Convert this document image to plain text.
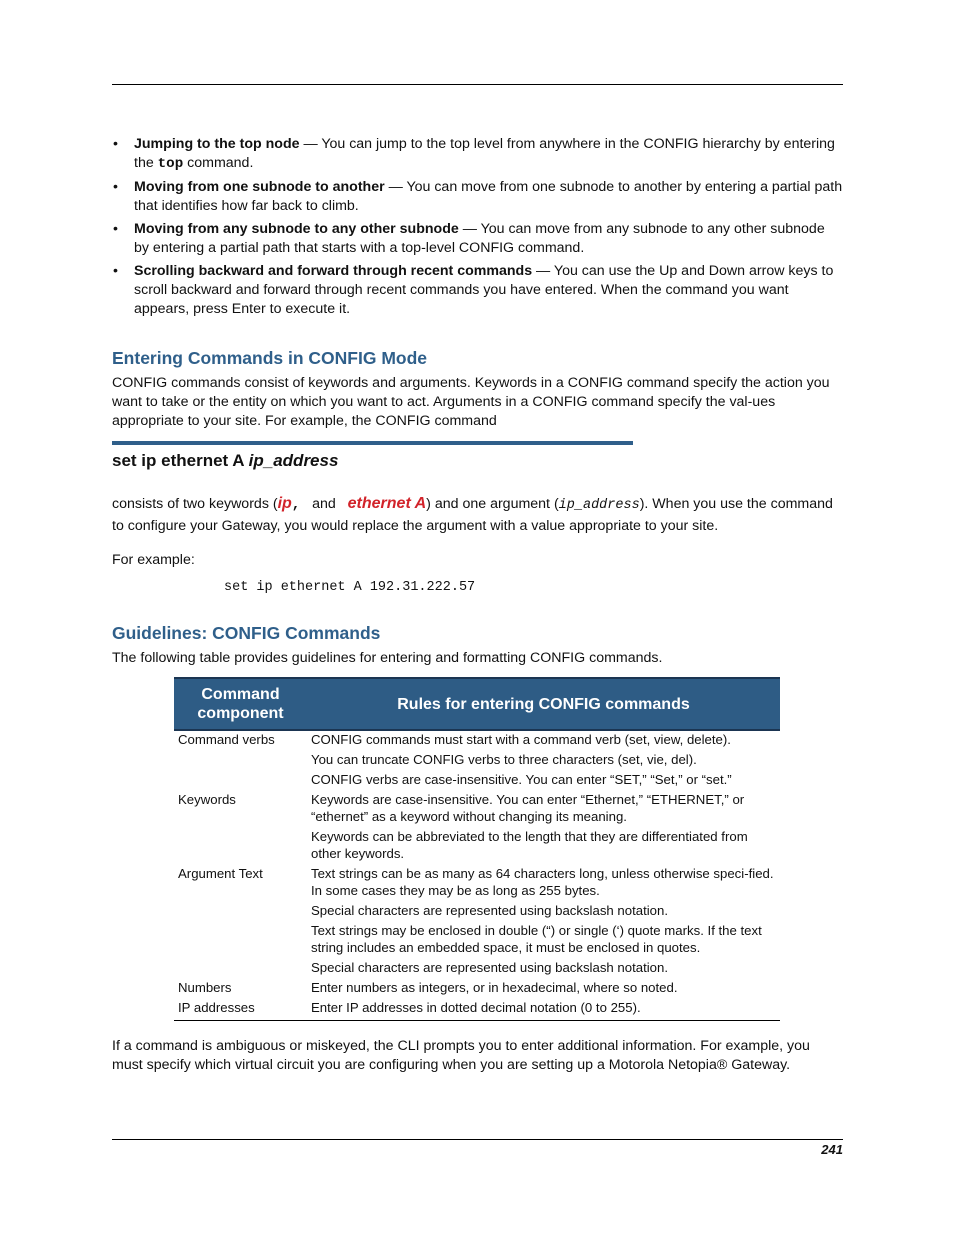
• Jumping to the top node — You can jump to the top level from anywhere in the CONFIG hierarchy by entering the top command.
• Moving from one subnode to another — You can move from one subnode to another by entering a partial path that identifies how far back to climb.
• Moving from any subnode to any other subnode — You can move from any subnode to any other subnode by entering a partial path that starts with a top-level CONFIG command.
• Scrolling backward and forward through recent commands — You can use the Up and Down arrow keys to scroll backward and forward through recent commands you have entered. When the command you want appears, press Enter to execute it.
Entering Commands in CONFIG Mode
CONFIG commands consist of keywords and arguments. Keywords in a CONFIG command specify the action you want to take or the entity on which you want to act. Arguments in a CONFIG command specify the val-ues appropriate to your site. For example, the CONFIG command
set ip ethernet A ip_address
consists of two keywords (ip, and ethernet A) and one argument (ip_address). When you use the command to configure your Gateway, you would replace the argument with a value appropriate to your site.
For example:
set ip ethernet A 192.31.222.57
Guidelines: CONFIG Commands
The following table provides guidelines for entering and formatting CONFIG commands.
Command component	Rules for entering CONFIG commands
Command verbs	CONFIG commands must start with a command verb (set, view, delete).
	You can truncate CONFIG verbs to three characters (set, vie, del).
	CONFIG verbs are case-insensitive. You can enter “SET,” “Set,” or “set.”
Keywords	Keywords are case-insensitive. You can enter “Ethernet,” “ETHERNET,” or “ethernet” as a keyword without changing its meaning.
	Keywords can be abbreviated to the length that they are differentiated from other keywords.
Argument Text	Text strings can be as many as 64 characters long, unless otherwise speci-fied. In some cases they may be as long as 255 bytes.
	Special characters are represented using backslash notation.
	Text strings may be enclosed in double (“) or single (‘) quote marks. If the text string includes an embedded space, it must be enclosed in quotes.
	Special characters are represented using backslash notation.
Numbers	Enter numbers as integers, or in hexadecimal, where so noted.
IP addresses	Enter IP addresses in dotted decimal notation (0 to 255).
If a command is ambiguous or miskeyed, the CLI prompts you to enter additional information. For example, you must specify which virtual circuit you are configuring when you are setting up a Motorola Netopia® Gateway.
241
